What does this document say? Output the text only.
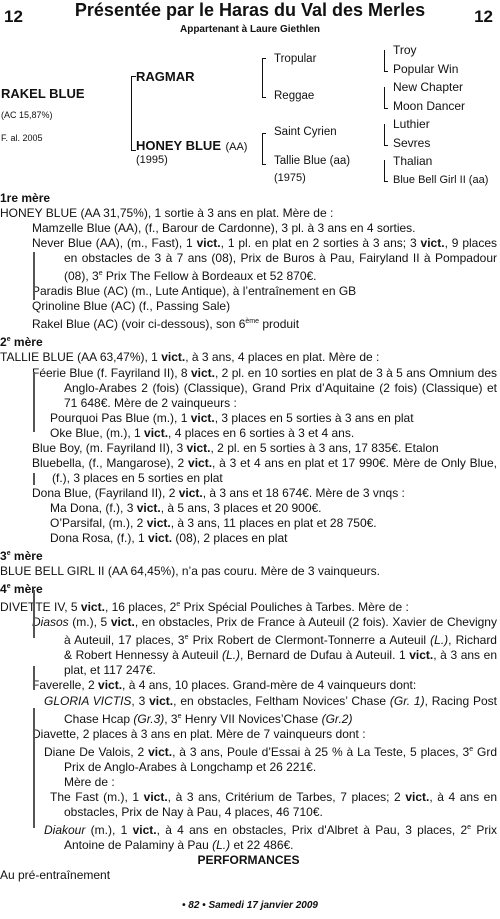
12	12
Présentée par le Haras du Val des Merles
Appartenant à Laure Giethlen
RAKEL BLUE
(AC 15,87%)
F. al. 2005
RAGMAR
HONEY BLUE (AA)
(1995)
Tropular
Reggae
Saint Cyrien
Tallie Blue (aa)
(1975)
Troy
Popular Win
New Chapter
Moon Dancer
Luthier
Sevres
Thalian
Blue Bell Girl II (aa)

1re mère

HONEY BLUE (AA 31,75%), 1 sortie à 3 ans en plat. Mère de :

Mamzelle Blue (AA), (f., Barour de Cardonne), 3 pl. à 3 ans en 4 sorties.

Never Blue (AA), (m., Fast), 1 vict., 1 pl. en plat en 2 sorties à 3 ans; 3 vict., 9 places en obstacles de 3 à 7 ans (08), Prix de Buros à Pau, Fairyland II à Pompadour (08), 3e Prix The Fellow à Bordeaux et 52 870€.

Paradis Blue (AC) (m., Lute Antique), à l’entraînement en GB

Qrinoline Blue (AC) (f., Passing Sale)

Rakel Blue (AC) (voir ci-dessous), son 6ème produit

2e mère

TALLIE BLUE (AA 63,47%), 1 vict., à 3 ans, 4 places en plat. Mère de :

Féerie Blue (f. Fayriland II), 8 vict., 2 pl. en 10 sorties en plat de 3 à 5 ans Omnium des Anglo-Arabes 2 (fois) (Classique), Grand Prix d’Aquitaine (2 fois) (Classique) et 71 648€. Mère de 2 vainqueurs :

Pourquoi Pas Blue (m.), 1 vict., 3 places en 5 sorties à 3 ans en plat

Oke Blue, (m.), 1 vict., 4 places en 6 sorties à 3 et 4 ans.

Blue Boy, (m. Fayriland II), 3 vict., 2 pl. en 5 sorties à 3 ans, 17 835€. Etalon

Bluebella, (f., Mangarose), 2 vict., à 3 et 4 ans en plat et 17 990€. Mère de Only Blue, (f.), 3 places en 5 sorties en plat

Dona Blue, (Fayriland II), 2 vict., à 3 ans et 18 674€. Mère de 3 vnqs :

Ma Dona, (f.), 3 vict., à 5 ans, 3 places et 20 900€.

O’Parsifal, (m.), 2 vict., à 3 ans, 11 places en plat et 28 750€.

Dona Rosa, (f.), 1 vict. (08), 2 places en plat

3e mère

BLUE BELL GIRL II (AA 64,45%), n’a pas couru. Mère de 3 vainqueurs.

4e mère

DIVETTE IV, 5 vict., 16 places, 2e Prix Spécial Pouliches à Tarbes. Mère de :

Diasos (m.), 5 vict., en obstacles, Prix de France à Auteuil (2 fois). Xavier de Chevigny à Auteuil, 17 places, 3e Prix Robert de Clermont-Tonnerre a Auteuil (L.), Richard & Robert Hennessy à Auteuil (L.), Bernard de Dufau à Auteuil. 1 vict., à 3 ans en plat, et 117 247€.

Faverelle, 2 vict., à 4 ans, 10 places. Grand-mère de 4 vainqueurs dont:

GLORIA VICTIS, 3 vict., en obstacles, Feltham Novices’ Chase (Gr. 1), Racing Post Chase Hcap (Gr.3), 3e Henry VII Novices’Chase (Gr.2)

Diavette, 2 places à 3 ans en plat. Mère de 7 vainqueurs dont :

Diane De Valois, 2 vict., à 3 ans, Poule d’Essai à 25 % à La Teste, 5 places, 3e Grd Prix de Anglo-Arabes à Longchamp et 26 221€.

Mère de :

The Fast (m.), 1 vict., à 3 ans, Critérium de Tarbes, 7 places; 2 vict., à 4 ans en obstacles, Prix de Nay à Pau, 4 places, 46 710€.

Diakour (m.), 1 vict., à 4 ans en obstacles, Prix d'Albret à Pau, 3 places, 2e Prix Antoine de Palaminy à Pau (L.) et 22 486€.

PERFORMANCES

Au pré-entraînement

• 82 • Samedi 17 janvier 2009
